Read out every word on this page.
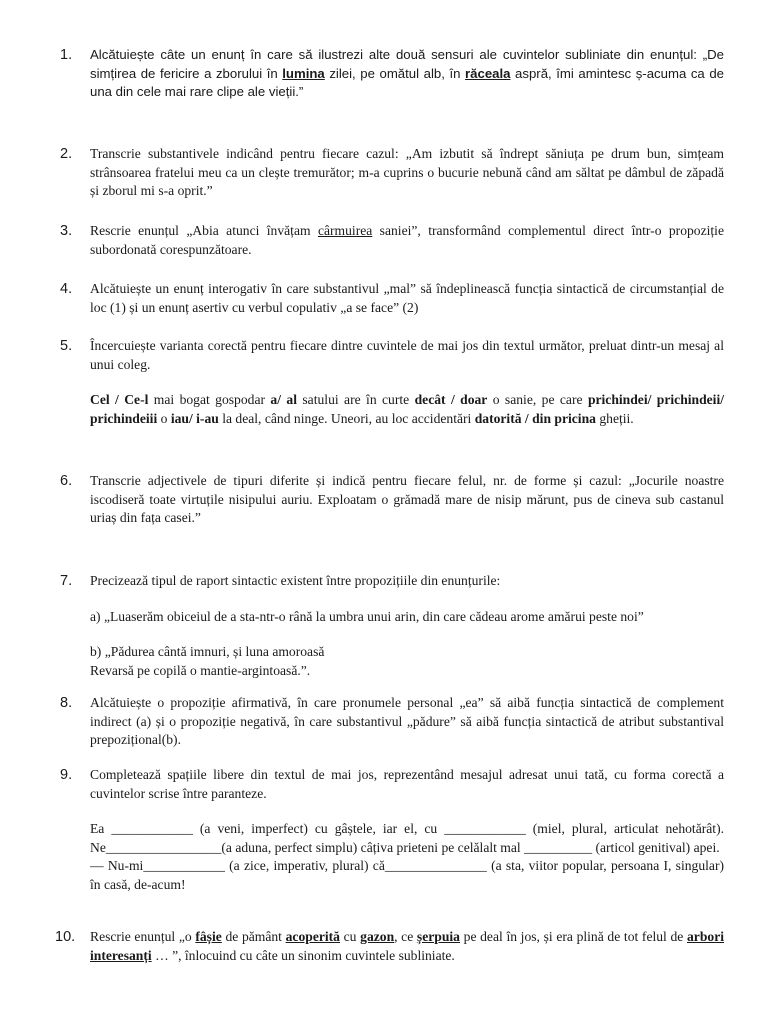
1.	Alcătuiește câte un enunț în care să ilustrezi alte două sensuri ale cuvintelor subliniate din enunțul: „De simțirea de fericire a zborului în lumina zilei, pe omătul alb, în răceala aspră, îmi amintesc ș-acuma ca de una din cele mai rare clipe ale vieții.”

2.	Transcrie substantivele indicând pentru fiecare cazul: „Am izbutit să îndrept săniuța pe drum bun, simțeam strânsoarea fratelui meu ca un clește tremurător; m-a cuprins o bucurie nebună când am săltat pe dâmbul de zăpadă și zborul mi s-a oprit.”

3.	Rescrie enunțul „Abia atunci învățam cârmuirea saniei”, transformând complementul direct într-o propoziție subordonată corespunzătoare.

4.	Alcătuiește un enunț interogativ în care substantivul „mal” să îndeplinească funcția sintactică de circumstanțial de loc (1) și un enunț asertiv cu verbul copulativ „a se face” (2)

5.	Încercuiește varianta corectă pentru fiecare dintre cuvintele de mai jos din textul următor, preluat dintr-un mesaj al unui coleg.

Cel / Ce-l mai bogat gospodar a/ al satului are în curte decât / doar o sanie, pe care prichindei/ prichindeii/ prichindeiii o iau/ i-au la deal, când ninge. Uneori, au loc accidentări datorită / din pricina gheții.

6.	Transcrie adjectivele de tipuri diferite și indică pentru fiecare felul, nr. de forme și cazul: „Jocurile noastre iscodiseră toate virtuțile nisipului auriu. Exploatam o grămadă mare de nisip mărunt, pus de cineva sub castanul uriaș din fața casei.”

7.	Precizează tipul de raport sintactic existent între propozițiile din enunțurile:

a) „Luaserăm obiceiul de a sta-ntr-o rână la umbra unui arin, din care cădeau arome amărui peste noi”

b) „Pădurea cântă imnuri, și luna amoroasă

Revarsă pe copilă o mantie-argintoasă.”.

8.	Alcătuiește o propoziție afirmativă, în care pronumele personal „ea” să aibă funcția sintactică de complement indirect (a) și o propoziție negativă, în care substantivul „pădure” să aibă funcția sintactică de atribut substantival prepozițional(b).

9.	Completează spațiile libere din textul de mai jos, reprezentând mesajul adresat unui tată, cu forma corectă a cuvintelor scrise între paranteze.

Ea ____________ (a veni, imperfect) cu gâștele, iar el, cu ____________ (miel, plural, articulat nehotărât). Ne_________________(a aduna, perfect simplu) câțiva prieteni pe celălalt mal __________ (articol genitival) apei.

— Nu-mi____________ (a zice, imperativ, plural) că_______________ (a sta, viitor popular, persoana I, singular) în casă, de-acum!

10.	Rescrie enunțul „o fâșie de pământ acoperită cu gazon, ce șerpuia pe deal în jos, și era plină de tot felul de arbori interesanți … ”, înlocuind cu câte un sinonim cuvintele subliniate.
